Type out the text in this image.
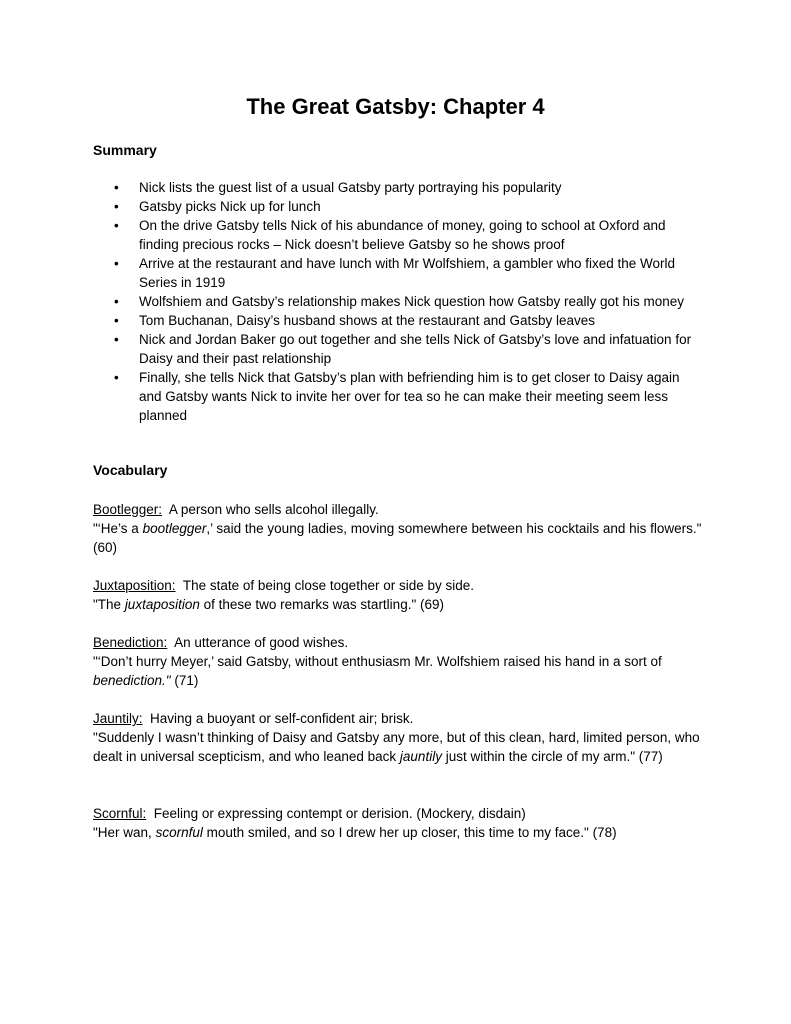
The Great Gatsby: Chapter 4
Summary
• Nick lists the guest list of a usual Gatsby party portraying his popularity
• Gatsby picks Nick up for lunch
• On the drive Gatsby tells Nick of his abundance of money, going to school at Oxford and finding precious rocks – Nick doesn’t believe Gatsby so he shows proof
• Arrive at the restaurant and have lunch with Mr Wolfshiem, a gambler who fixed the World Series in 1919
• Wolfshiem and Gatsby’s relationship makes Nick question how Gatsby really got his money
• Tom Buchanan, Daisy’s husband shows at the restaurant and Gatsby leaves
• Nick and Jordan Baker go out together and she tells Nick of Gatsby’s love and infatuation for Daisy and their past relationship
• Finally, she tells Nick that Gatsby’s plan with befriending him is to get closer to Daisy again and Gatsby wants Nick to invite her over for tea so he can make their meeting seem less planned
Vocabulary

Bootlegger: A person who sells alcohol illegally.

"‘He’s a bootlegger,’ said the young ladies, moving somewhere between his cocktails and his flowers." (60)

Juxtaposition: The state of being close together or side by side.

"The juxtaposition of these two remarks was startling." (69)

Benediction: An utterance of good wishes.

"‘Don’t hurry Meyer,’ said Gatsby, without enthusiasm Mr. Wolfshiem raised his hand in a sort of benediction." (71)

Jauntily: Having a buoyant or self-confident air; brisk.

"Suddenly I wasn’t thinking of Daisy and Gatsby any more, but of this clean, hard, limited person, who dealt in universal scepticism, and who leaned back jauntily just within the circle of my arm." (77)

Scornful: Feeling or expressing contempt or derision. (Mockery, disdain)

"Her wan, scornful mouth smiled, and so I drew her up closer, this time to my face." (78)
